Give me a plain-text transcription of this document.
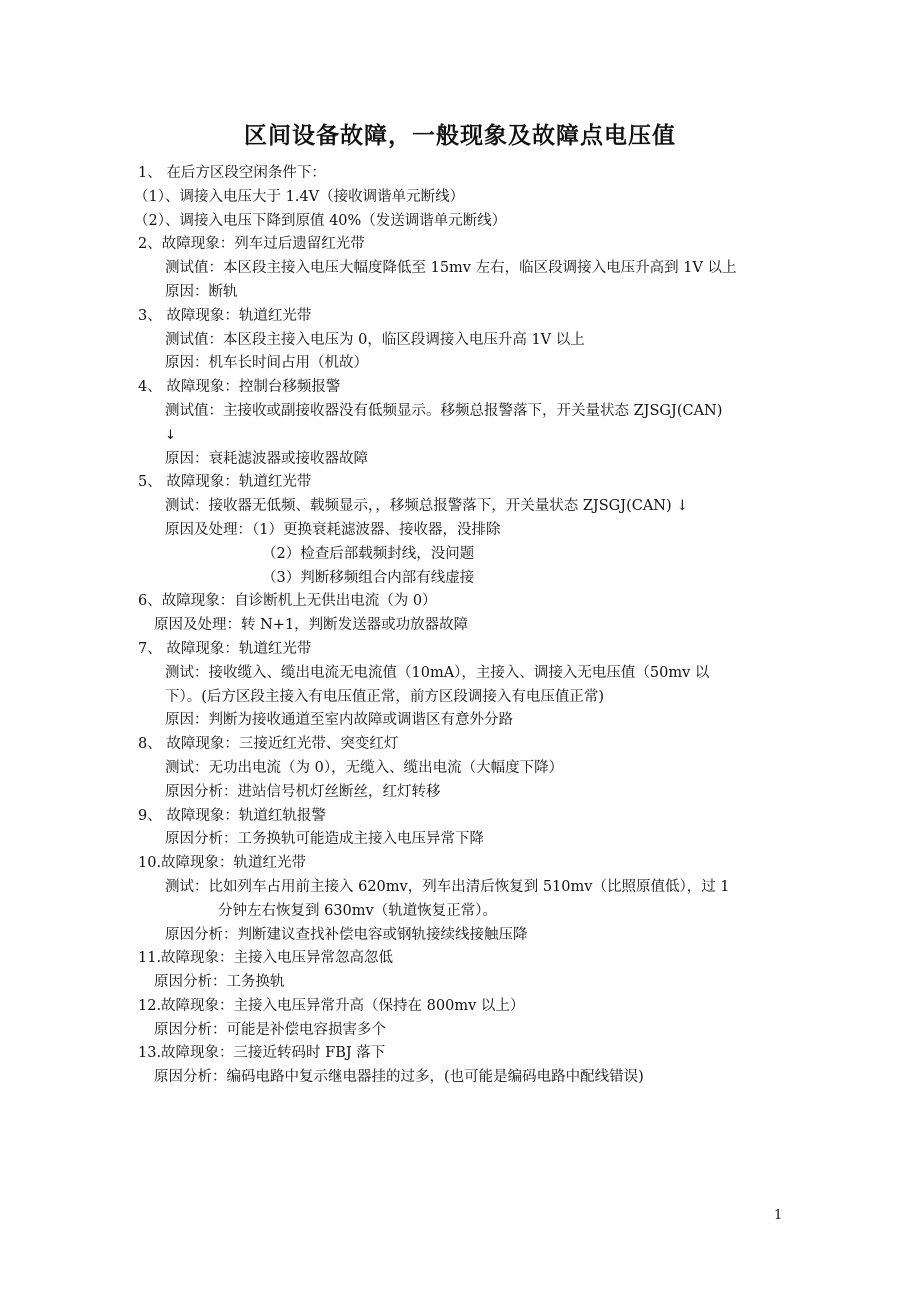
区间设备故障，一般现象及故障点电压值
1、 在后方区段空闲条件下：
（1）、调接入电压大于 1.4V（接收调谐单元断线）
（2）、调接入电压下降到原值 40%（发送调谐单元断线）
2、故障现象：列车过后遗留红光带
测试值：本区段主接入电压大幅度降低至 15mv 左右，临区段调接入电压升高到 1V 以上
原因：断轨
3、 故障现象：轨道红光带
测试值：本区段主接入电压为 0，临区段调接入电压升高 1V 以上
原因：机车长时间占用（机故）
4、 故障现象：控制台移频报警
测试值：主接收或副接收器没有低频显示。移频总报警落下，开关量状态 ZJSGJ(CAN)
↓
原因：衰耗滤波器或接收器故障
5、 故障现象：轨道红光带
测试：接收器无低频、载频显示，，移频总报警落下，开关量状态 ZJSGJ(CAN) ↓
原因及处理：（1）更换衰耗滤波器、接收器，没排除
（2）检查后部载频封线，没问题
（3）判断移频组合内部有线虚接
6、故障现象：自诊断机上无供出电流（为 0）
原因及处理：转 N+1，判断发送器或功放器故障
7、 故障现象：轨道红光带
测试：接收缆入、缆出电流无电流值（10mA），主接入、调接入无电压值（50mv 以
下）。(后方区段主接入有电压值正常，前方区段调接入有电压值正常)
原因：判断为接收通道至室内故障或调谐区有意外分路
8、 故障现象：三接近红光带、突变红灯
测试：无功出电流（为 0），无缆入、缆出电流（大幅度下降）
原因分析：进站信号机灯丝断丝，红灯转移
9、 故障现象：轨道红轨报警
原因分析：工务换轨可能造成主接入电压异常下降
10.故障现象：轨道红光带
测试：比如列车占用前主接入 620mv，列车出清后恢复到 510mv（比照原值低），过 1
分钟左右恢复到 630mv（轨道恢复正常）。
原因分析：判断建议查找补偿电容或钢轨接续线接触压降
11.故障现象：主接入电压异常忽高忽低
原因分析：工务换轨
12.故障现象：主接入电压异常升高（保持在 800mv 以上）
原因分析：可能是补偿电容损害多个
13.故障现象：三接近转码时 FBJ 落下
原因分析：编码电路中复示继电器挂的过多，(也可能是编码电路中配线错误)
1
